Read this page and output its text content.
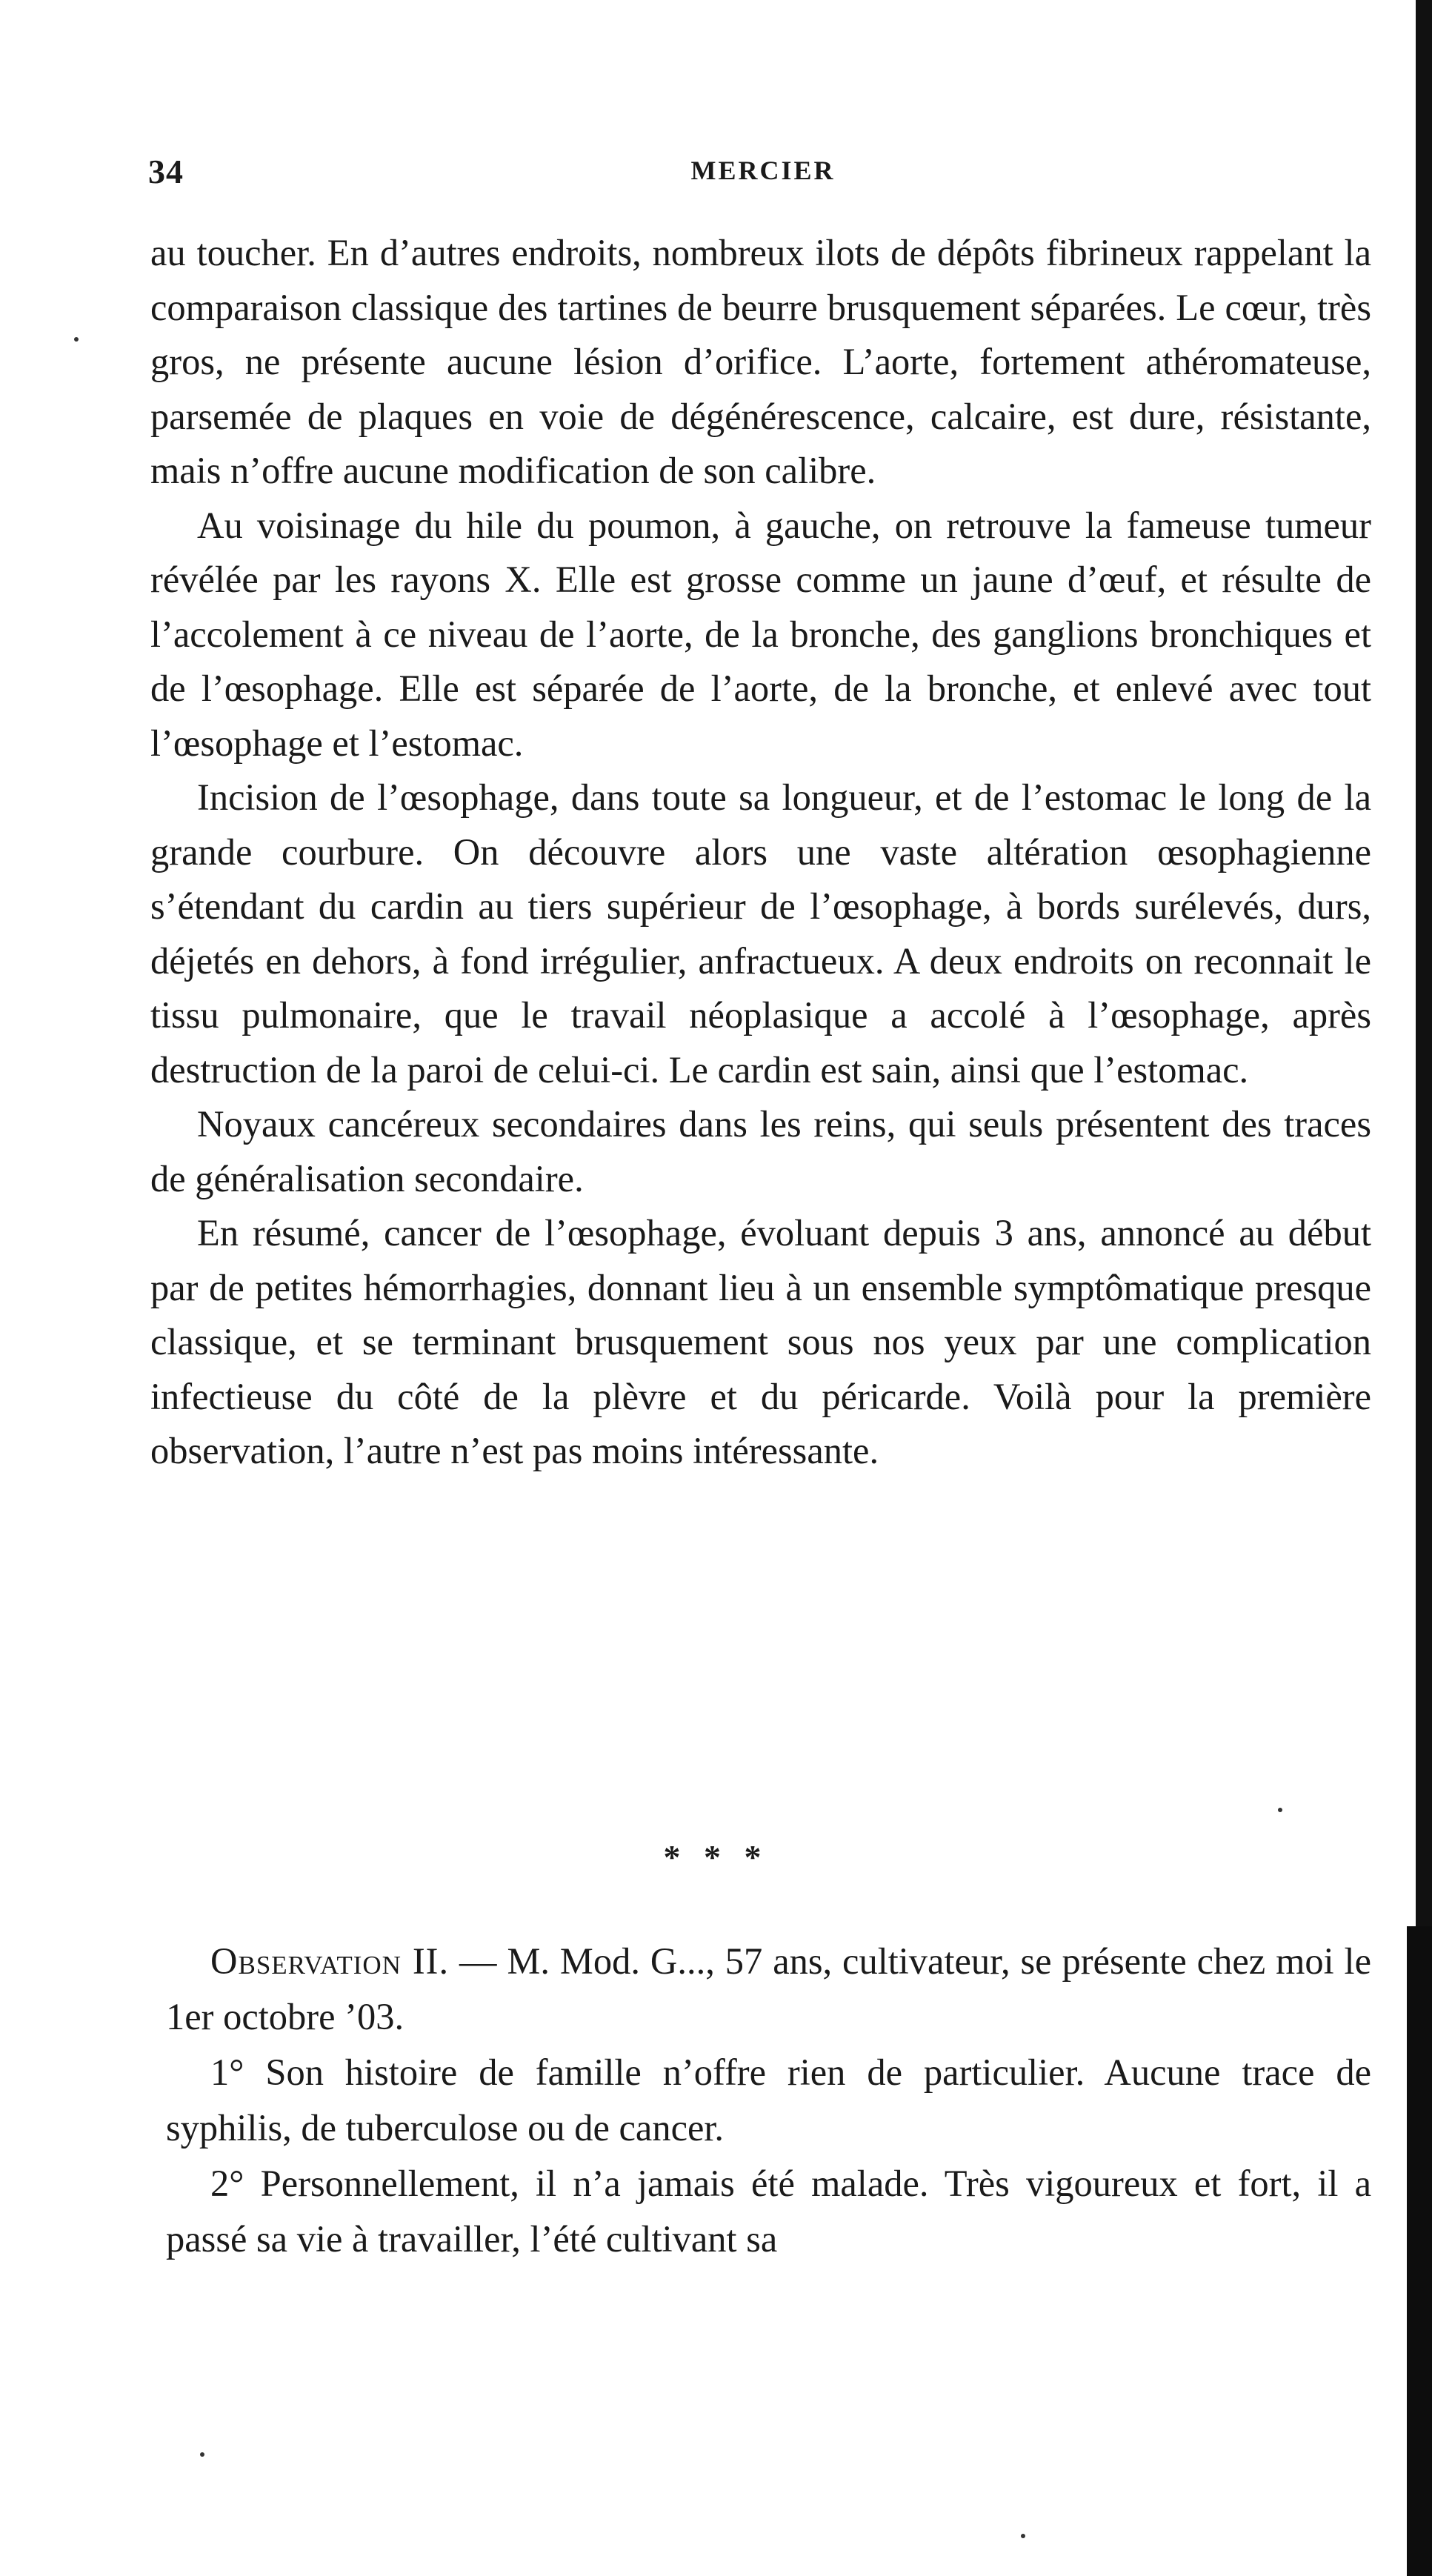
34	MERCIER

au toucher. En d’autres endroits, nombreux ilots de dépôts fibrineux rappelant la comparaison classique des tartines de beurre brusquement séparées. Le cœur, très gros, ne présente aucune lésion d’orifice. L’aorte, fortement athéromateuse, parsemée de plaques en voie de dégénérescence, calcaire, est dure, résistante, mais n’offre aucune modification de son calibre.

Au voisinage du hile du poumon, à gauche, on retrouve la fameuse tumeur révélée par les rayons X. Elle est grosse comme un jaune d’œuf, et résulte de l’accolement à ce niveau de l’aorte, de la bronche, des ganglions bronchiques et de l’œsophage. Elle est séparée de l’aorte, de la bronche, et enlevé avec tout l’œsophage et l’estomac.

Incision de l’œsophage, dans toute sa longueur, et de l’estomac le long de la grande courbure. On découvre alors une vaste altération œsophagienne s’étendant du cardin au tiers supérieur de l’œsophage, à bords surélevés, durs, déjetés en dehors, à fond irrégulier, anfractueux. A deux endroits on reconnait le tissu pulmonaire, que le travail néoplasique a accolé à l’œsophage, après destruction de la paroi de celui-ci. Le cardin est sain, ainsi que l’estomac.

Noyaux cancéreux secondaires dans les reins, qui seuls présentent des traces de généralisation secondaire.

En résumé, cancer de l’œsophage, évoluant depuis 3 ans, annoncé au début par de petites hémorrhagies, donnant lieu à un ensemble symptômatique presque classique, et se terminant brusquement sous nos yeux par une complication infectieuse du côté de la plèvre et du péricarde. Voilà pour la première observation, l’autre n’est pas moins intéressante.

* * *

Observation II. — M. Mod. G..., 57 ans, cultivateur, se présente chez moi le 1er octobre ’03.

1° Son histoire de famille n’offre rien de particulier. Aucune trace de syphilis, de tuberculose ou de cancer.

2° Personnellement, il n’a jamais été malade. Très vigoureux et fort, il a passé sa vie à travailler, l’été cultivant sa
